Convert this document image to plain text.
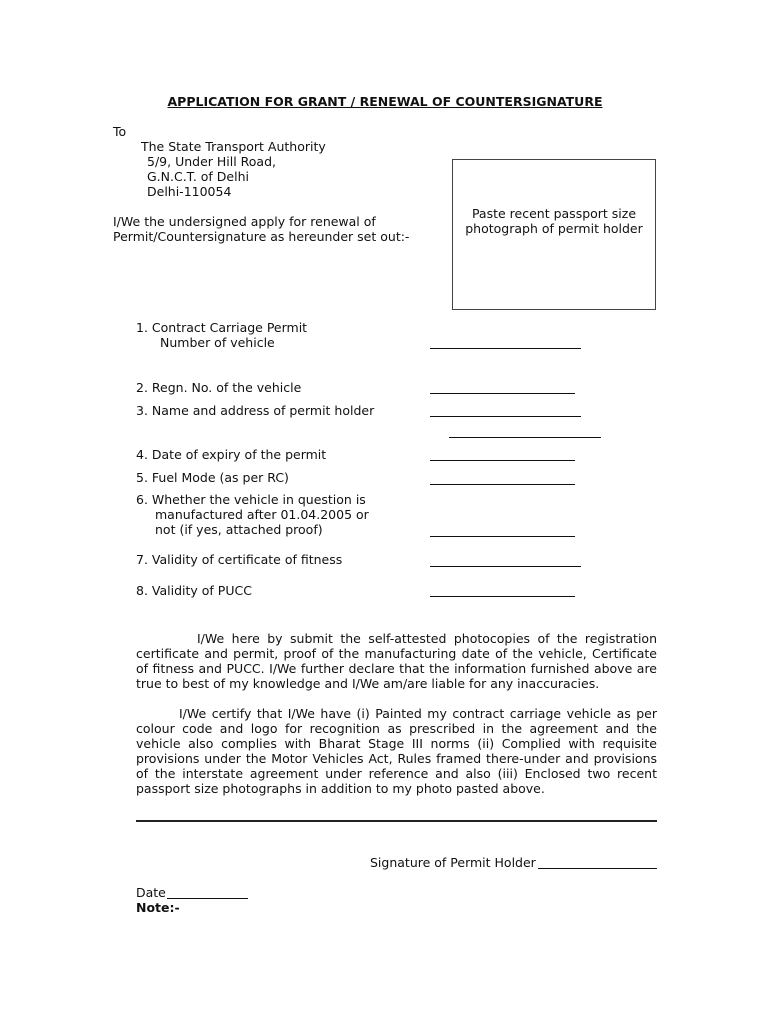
APPLICATION FOR GRANT / RENEWAL OF COUNTERSIGNATURE
To
The State Transport Authority
5/9, Under Hill Road,
G.N.C.T. of Delhi
Delhi-110054
I/We the undersigned apply for renewal of
Permit/Countersignature as hereunder set out:-
Paste recent passport size
photograph of permit holder
1. Contract Carriage Permit
Number of vehicle
2. Regn. No. of the vehicle
3. Name and address of permit holder
4. Date of expiry of the permit
5. Fuel Mode (as per RC)
6. Whether the vehicle in question is
manufactured after 01.04.2005 or
not (if yes, attached proof)
7. Validity of certificate of fitness
8. Validity of PUCC
I/We here by submit the self-attested photocopies of the registration certificate and permit, proof of the manufacturing date of the vehicle, Certificate of fitness and PUCC. I/We further declare that the information furnished above are true to best of my knowledge and I/We am/are liable for any inaccuracies.
I/We certify that I/We have (i) Painted my contract carriage vehicle as per colour code and logo for recognition as prescribed in the agreement and the vehicle also complies with Bharat Stage III norms (ii) Complied with requisite provisions under the Motor Vehicles Act, Rules framed there-under and provisions of the interstate agreement under reference and also (iii) Enclosed two recent passport size photographs in addition to my photo pasted above.
Signature of Permit Holder
Date
Note:-
